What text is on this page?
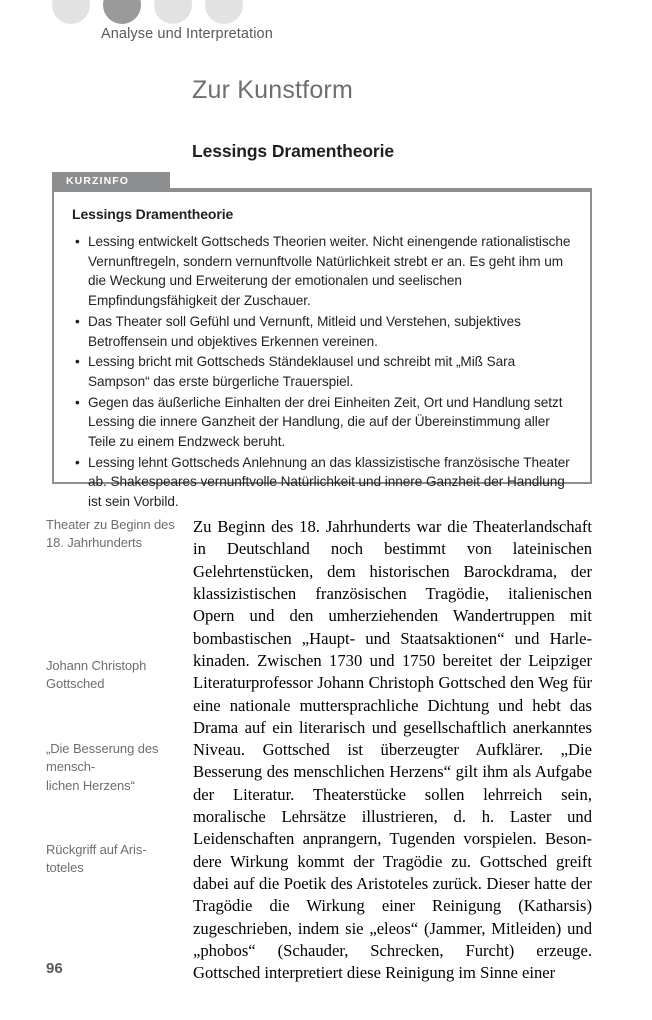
Analyse und Interpretation
Zur Kunstform
Lessings Dramentheorie
KURZINFO
Lessings Dramentheorie
• Lessing entwickelt Gottscheds Theorien weiter. Nicht einengende rationalistische Vernunftregeln, sondern vernunftvolle Natürlichkeit strebt er an. Es geht ihm um die Weckung und Erweiterung der emotionalen und seelischen Empfindungsfähigkeit der Zuschauer.
• Das Theater soll Gefühl und Vernunft, Mitleid und Verstehen, subjektives Betroffensein und objektives Erkennen vereinen.
• Lessing bricht mit Gottscheds Ständeklausel und schreibt mit „Miß Sara Sampson“ das erste bürgerliche Trauerspiel.
• Gegen das äußerliche Einhalten der drei Einheiten Zeit, Ort und Handlung setzt Lessing die innere Ganzheit der Handlung, die auf der Übereinstimmung aller Teile zu einem Endzweck beruht.
• Lessing lehnt Gottscheds Anlehnung an das klassizistische französische Theater ab. Shakespeares vernunftvolle Natürlichkeit und innere Ganzheit der Handlung ist sein Vorbild.
Theater zu Beginn des 18. Jahrhunderts
Johann Christoph Gottsched
„Die Besserung des mensch-
lichen Herzens“
Rückgriff auf Aris-
toteles

Zu Beginn des 18. Jahrhunderts war die Theaterlandschaft in Deutschland noch bestimmt von lateinischen Gelehrtenstücken, dem historischen Barockdrama, der klassizistischen französischen Tragödie, italienischen Opern und den umherziehenden Wandertruppen mit bombastischen „Haupt- und Staatsaktionen“ und Harlekinaden. Zwischen 1730 und 1750 bereitet der Leipziger Literaturprofessor Johann Christoph Gottsched den Weg für eine nationale muttersprachliche Dichtung und hebt das Drama auf ein literarisch und gesellschaftlich anerkanntes Niveau. Gottsched ist überzeugter Aufklärer. „Die Besserung des menschlichen Herzens“ gilt ihm als Aufgabe der Literatur. Theaterstücke sollen lehrreich sein, moralische Lehrsätze illustrieren, d. h. Laster und Leidenschaften anprangern, Tugenden vorspielen. Besondere Wirkung kommt der Tragödie zu. Gottsched greift dabei auf die Poetik des Aristoteles zurück. Dieser hatte der Tragödie die Wirkung einer Reinigung (Katharsis) zugeschrieben, indem sie „eleos“ (Jammer, Mitleiden) und „phobos“ (Schauder, Schrecken, Furcht) erzeuge. Gottsched interpretiert diese Reinigung im Sinne einer

96
